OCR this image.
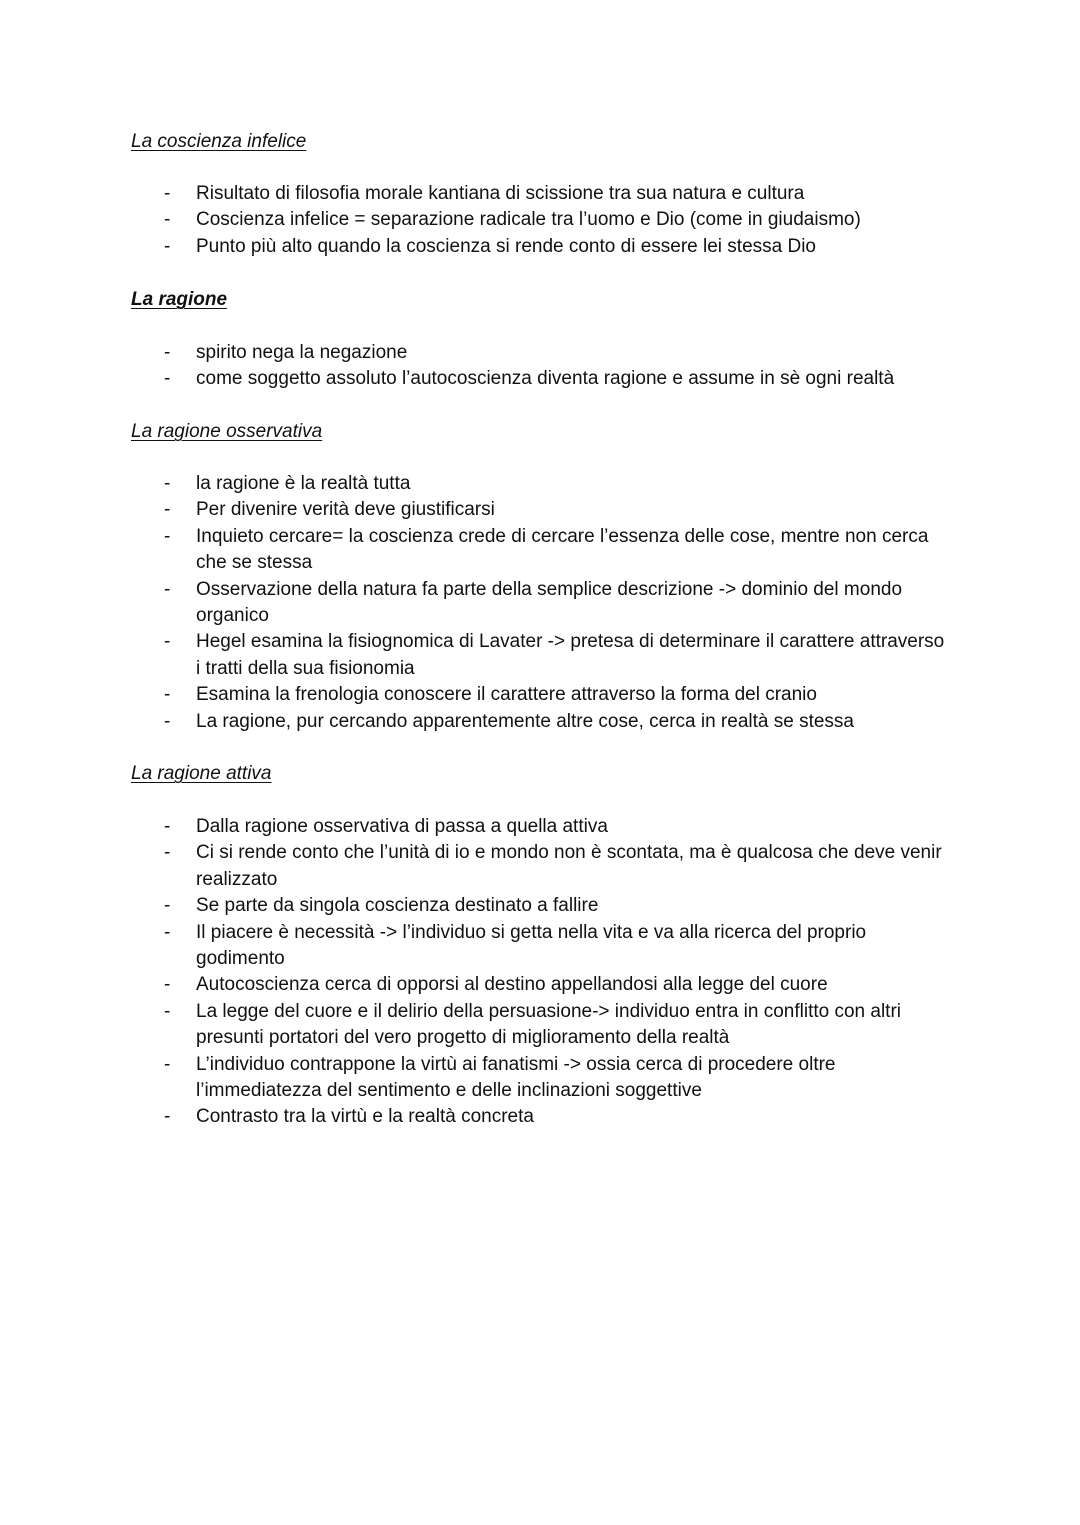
La coscienza infelice
- Risultato di filosofia morale kantiana di scissione tra sua natura e cultura
- Coscienza infelice = separazione radicale tra l’uomo e Dio (come in giudaismo)
- Punto più alto quando la coscienza si rende conto di essere lei stessa Dio
La ragione
- spirito nega la negazione
- come soggetto assoluto l’autocoscienza diventa ragione e assume in sè ogni realtà
La ragione osservativa
- la ragione è la realtà tutta
- Per divenire verità deve giustificarsi
- Inquieto cercare= la coscienza crede di cercare l’essenza delle cose, mentre non cerca che se stessa
- Osservazione della natura fa parte della semplice descrizione -> dominio del mondo organico
- Hegel esamina la fisiognomica di Lavater -> pretesa di determinare il carattere attraverso i tratti della sua fisionomia
- Esamina la frenologia conoscere il carattere attraverso la forma del cranio
- La ragione, pur cercando apparentemente altre cose, cerca in realtà se stessa
La ragione attiva
- Dalla ragione osservativa di passa a quella attiva
- Ci si rende conto che l’unità di io e mondo non è scontata, ma è qualcosa che deve venir realizzato
- Se parte da singola coscienza destinato a fallire
- Il piacere è necessità -> l’individuo si getta nella vita e va alla ricerca del proprio godimento
- Autocoscienza cerca di opporsi al destino appellandosi alla legge del cuore
- La legge del cuore e il delirio della persuasione-> individuo entra in conflitto con altri presunti portatori del vero progetto di miglioramento della realtà
- L’individuo contrappone la virtù ai fanatismi -> ossia cerca di procedere oltre l’immediatezza del sentimento e delle inclinazioni soggettive
- Contrasto tra la virtù e la realtà concreta
